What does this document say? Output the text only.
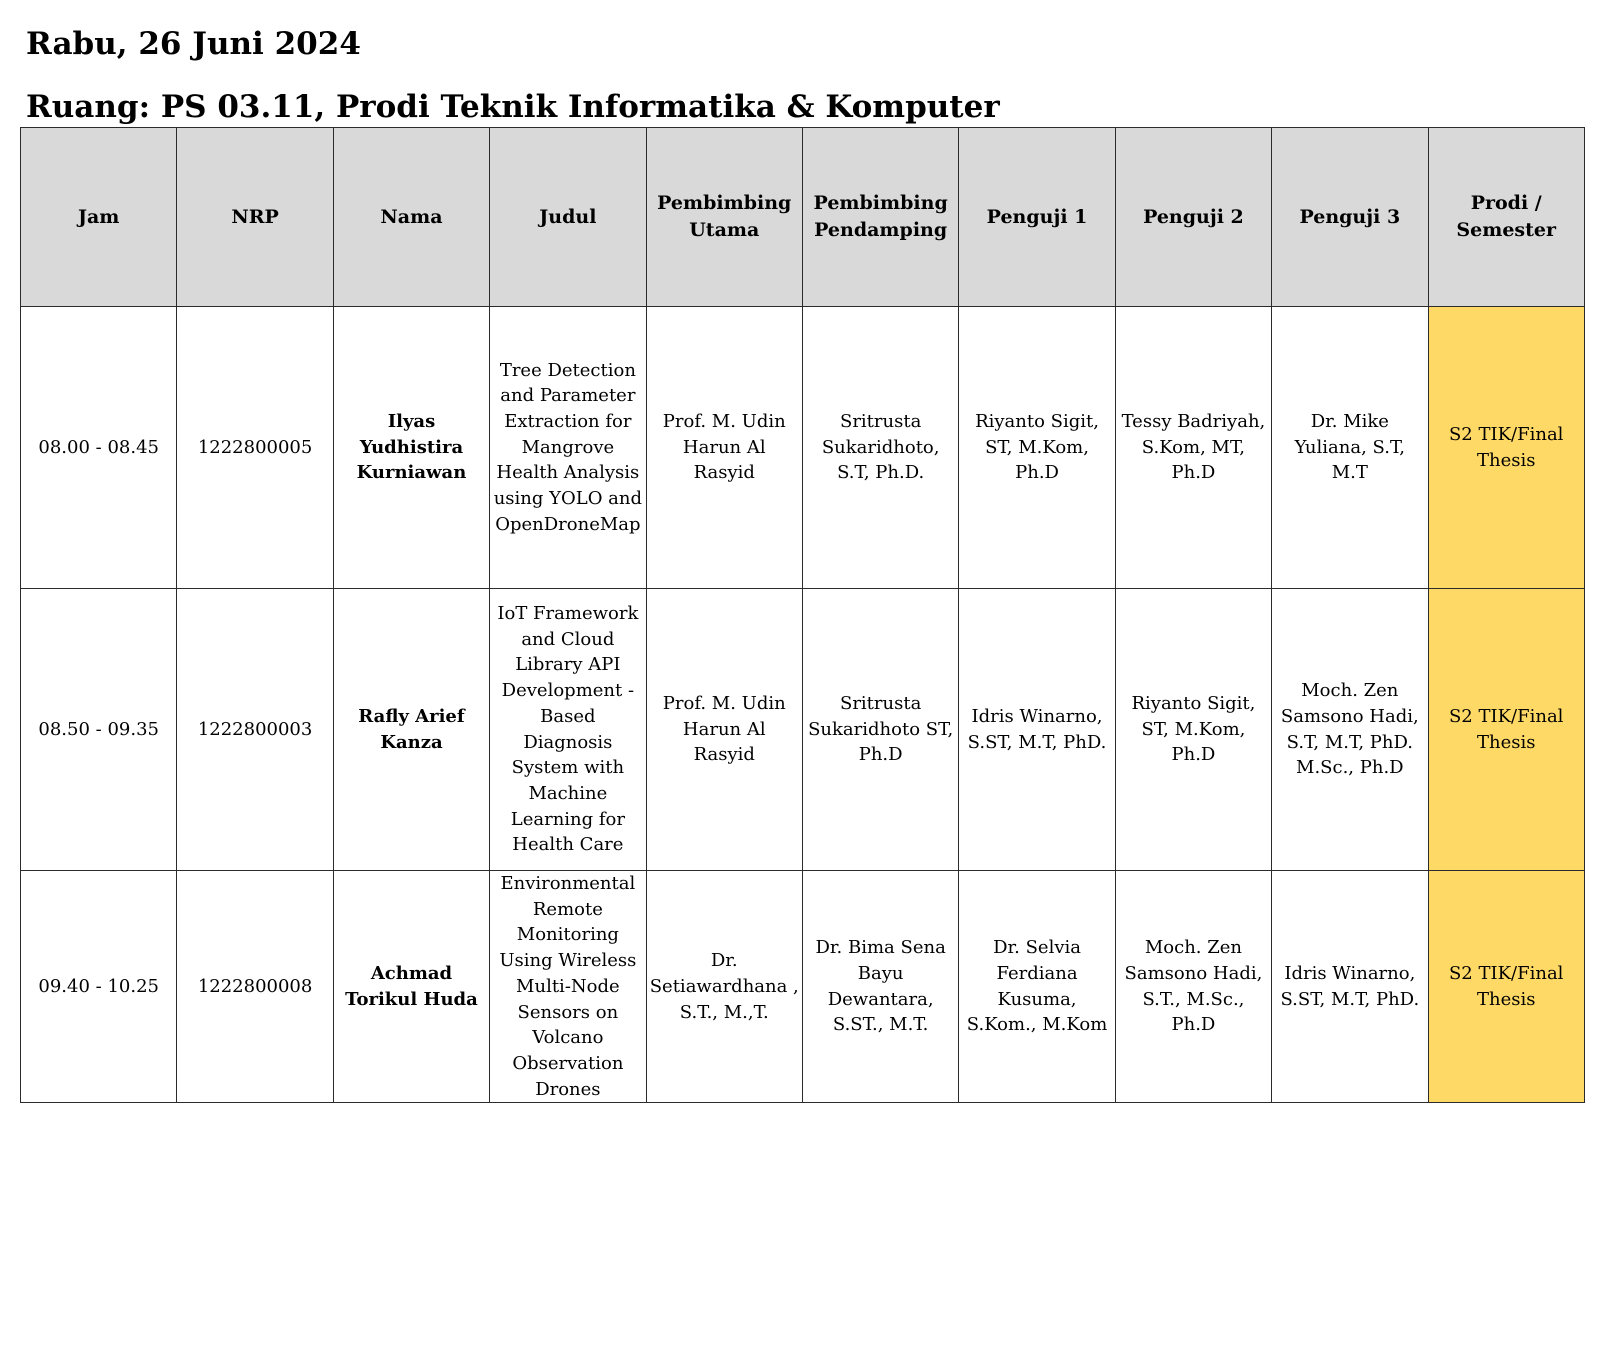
Rabu, 26 Juni 2024
Ruang: PS 03.11, Prodi Teknik Informatika & Komputer
Jam	NRP	Nama	Judul	Pembimbing Utama	Pembimbing Pendamping	Penguji 1	Penguji 2	Penguji 3	Prodi / Semester
08.00 - 08.45	1222800005	Ilyas Yudhistira Kurniawan	Tree Detection and Parameter Extraction for Mangrove Health Analysis using YOLO and OpenDroneMap	Prof. M. Udin Harun Al Rasyid	Sritrusta Sukaridhoto, S.T, Ph.D.	Riyanto Sigit, ST, M.Kom, Ph.D	Tessy Badriyah, S.Kom, MT, Ph.D	Dr. Mike Yuliana, S.T, M.T	S2 TIK/Final Thesis
08.50 - 09.35	1222800003	Rafly Arief Kanza	IoT Framework and Cloud Library API Development - Based Diagnosis System with Machine Learning for Health Care	Prof. M. Udin Harun Al Rasyid	Sritrusta Sukaridhoto ST, Ph.D	Idris Winarno, S.ST, M.T, PhD.	Riyanto Sigit, ST, M.Kom, Ph.D	Moch. Zen Samsono Hadi, S.T, M.T, PhD. M.Sc., Ph.D	S2 TIK/Final Thesis
09.40 - 10.25	1222800008	Achmad Torikul Huda	Environmental Remote Monitoring Using Wireless Multi-Node Sensors on Volcano Observation Drones	Dr. Setiawardhana , S.T., M.,T.	Dr. Bima Sena Bayu Dewantara, S.ST., M.T.	Dr. Selvia Ferdiana Kusuma, S.Kom., M.Kom	Moch. Zen Samsono Hadi, S.T., M.Sc., Ph.D	Idris Winarno, S.ST, M.T, PhD.	S2 TIK/Final Thesis
